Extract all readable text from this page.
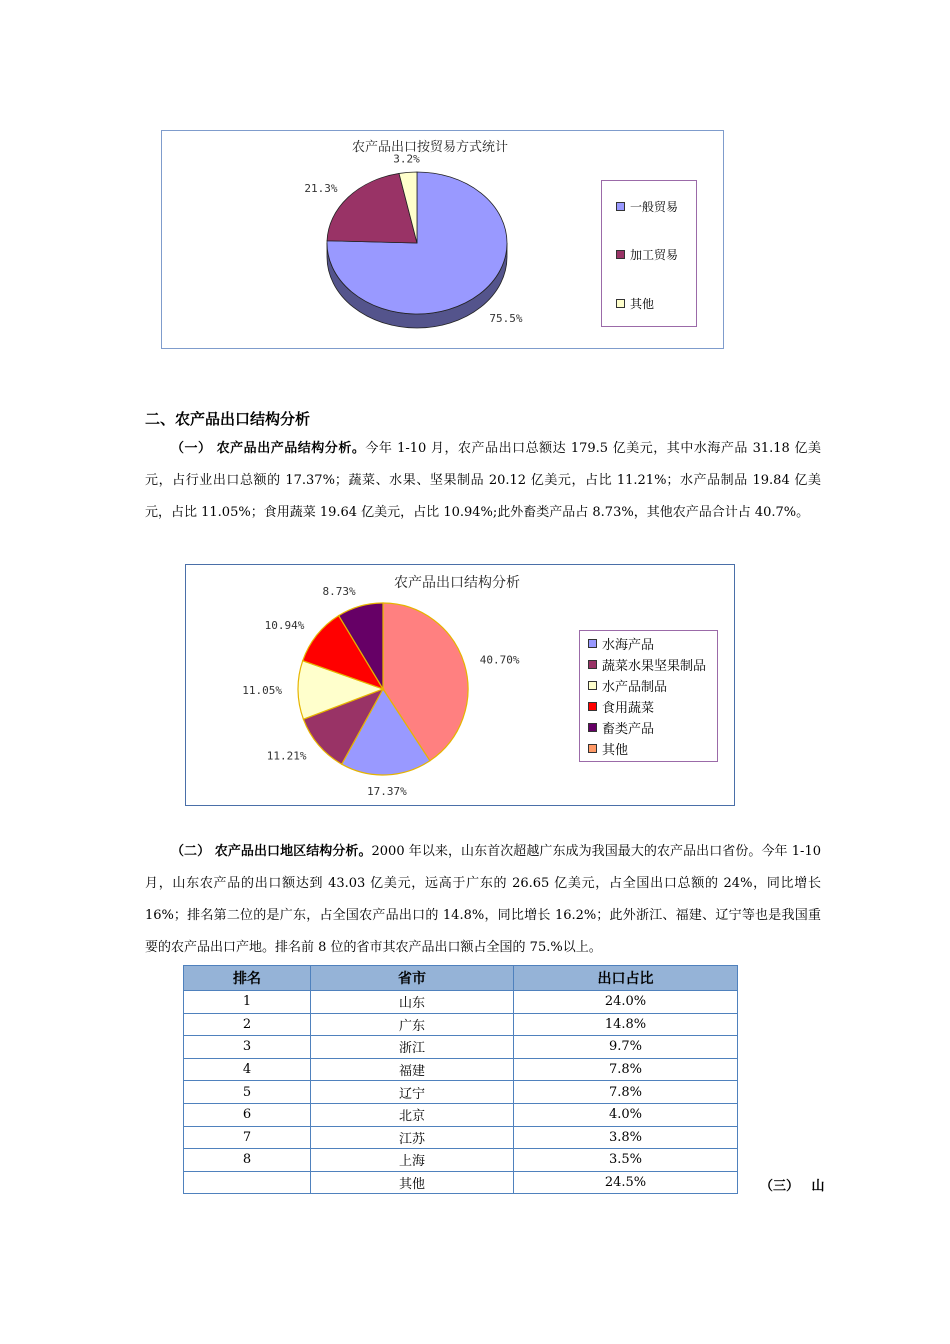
农产品出口按贸易方式统计
75.5%
21.3%
3.2%
一般贸易
加工贸易
其他
二、农产品出口结构分析
（一） 农产品出产品结构分析。今年 1-10 月，农产品出口总额达 179.5 亿美元，其中水海产品 31.18 亿美元，占行业出口总额的 17.37%；蔬菜、水果、坚果制品 20.12 亿美元，占比 11.21%；水产品制品 19.84 亿美元，占比 11.05%；食用蔬菜 19.64 亿美元，占比 10.94%;此外畜类产品占 8.73%，其他农产品合计占 40.7%。
农产品出口结构分析
40.70%
17.37%
11.21%
11.05%
10.94%
8.73%
水海产品
蔬菜水果坚果制品
水产品制品
食用蔬菜
畜类产品
其他
（二） 农产品出口地区结构分析。2000 年以来，山东首次超越广东成为我国最大的农产品出口省份。今年 1-10 月，山东农产品的出口额达到 43.03 亿美元，远高于广东的 26.65 亿美元，占全国出口总额的 24%，同比增长 16%；排名第二位的是广东，占全国农产品出口的 14.8%，同比增长 16.2%；此外浙江、福建、辽宁等也是我国重要的农产品出口产地。排名前 8 位的省市其农产品出口额占全国的 75.%以上。
排名	省市	出口占比
1	山东	24.0%
2	广东	14.8%
3	浙江	9.7%
4	福建	7.8%
5	辽宁	7.8%
6	北京	4.0%
7	江苏	3.8%
8	上海	3.5%
	其他	24.5%	（三） 山
